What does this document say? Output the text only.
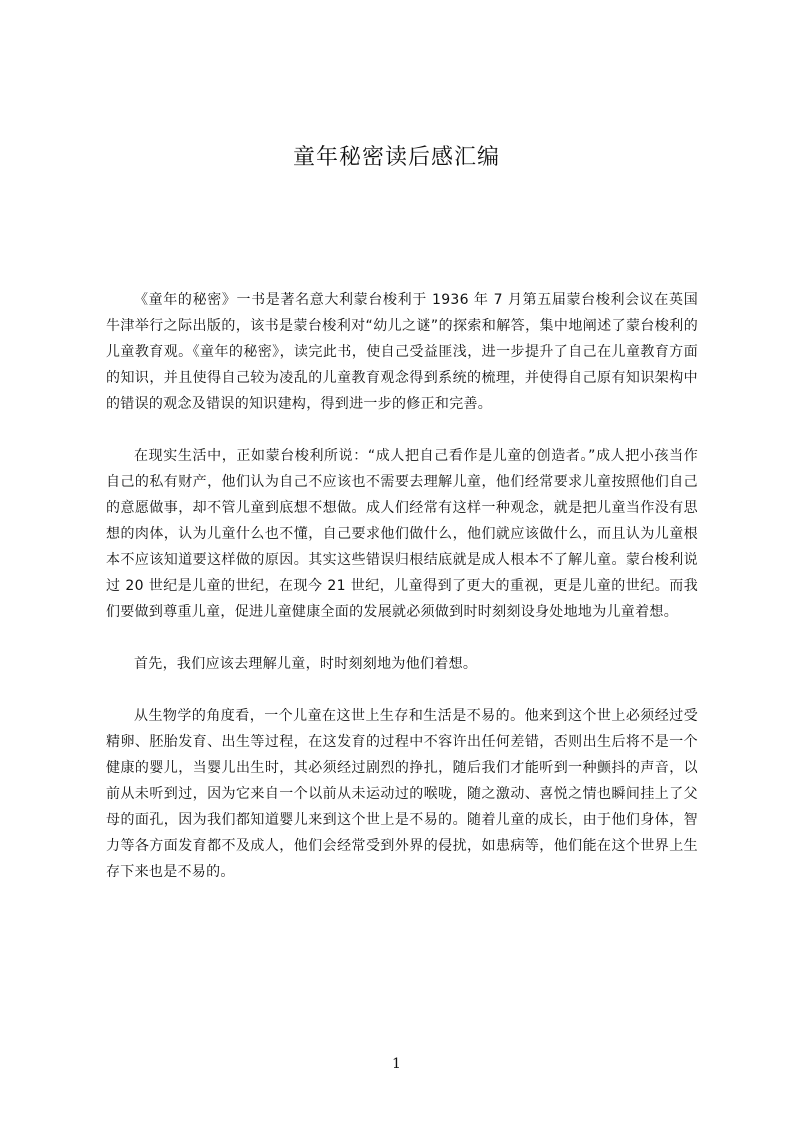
童年秘密读后感汇编

《童年的秘密》一书是著名意大利蒙台梭利于 1936 年 7 月第五届蒙台梭利会议在英国牛津举行之际出版的，该书是蒙台梭利对“幼儿之谜”的探索和解答，集中地阐述了蒙台梭利的儿童教育观。《童年的秘密》，读完此书，使自己受益匪浅，进一步提升了自己在儿童教育方面的知识，并且使得自己较为凌乱的儿童教育观念得到系统的梳理，并使得自己原有知识架构中的错误的观念及错误的知识建构，得到进一步的修正和完善。

在现实生活中，正如蒙台梭利所说：“成人把自己看作是儿童的创造者。”成人把小孩当作自己的私有财产，他们认为自己不应该也不需要去理解儿童，他们经常要求儿童按照他们自己的意愿做事，却不管儿童到底想不想做。成人们经常有这样一种观念，就是把儿童当作没有思想的肉体，认为儿童什么也不懂，自己要求他们做什么，他们就应该做什么，而且认为儿童根本不应该知道要这样做的原因。其实这些错误归根结底就是成人根本不了解儿童。蒙台梭利说过 20 世纪是儿童的世纪，在现今 21 世纪，儿童得到了更大的重视，更是儿童的世纪。而我们要做到尊重儿童，促进儿童健康全面的发展就必须做到时时刻刻设身处地地为儿童着想。

首先，我们应该去理解儿童，时时刻刻地为他们着想。

从生物学的角度看，一个儿童在这世上生存和生活是不易的。他来到这个世上必须经过受精卵、胚胎发育、出生等过程，在这发育的过程中不容许出任何差错，否则出生后将不是一个健康的婴儿，当婴儿出生时，其必须经过剧烈的挣扎，随后我们才能听到一种颤抖的声音，以前从未听到过，因为它来自一个以前从未运动过的喉咙，随之激动、喜悦之情也瞬间挂上了父母的面孔，因为我们都知道婴儿来到这个世上是不易的。随着儿童的成长，由于他们身体，智力等各方面发育都不及成人，他们会经常受到外界的侵扰，如患病等，他们能在这个世界上生存下来也是不易的。

1
